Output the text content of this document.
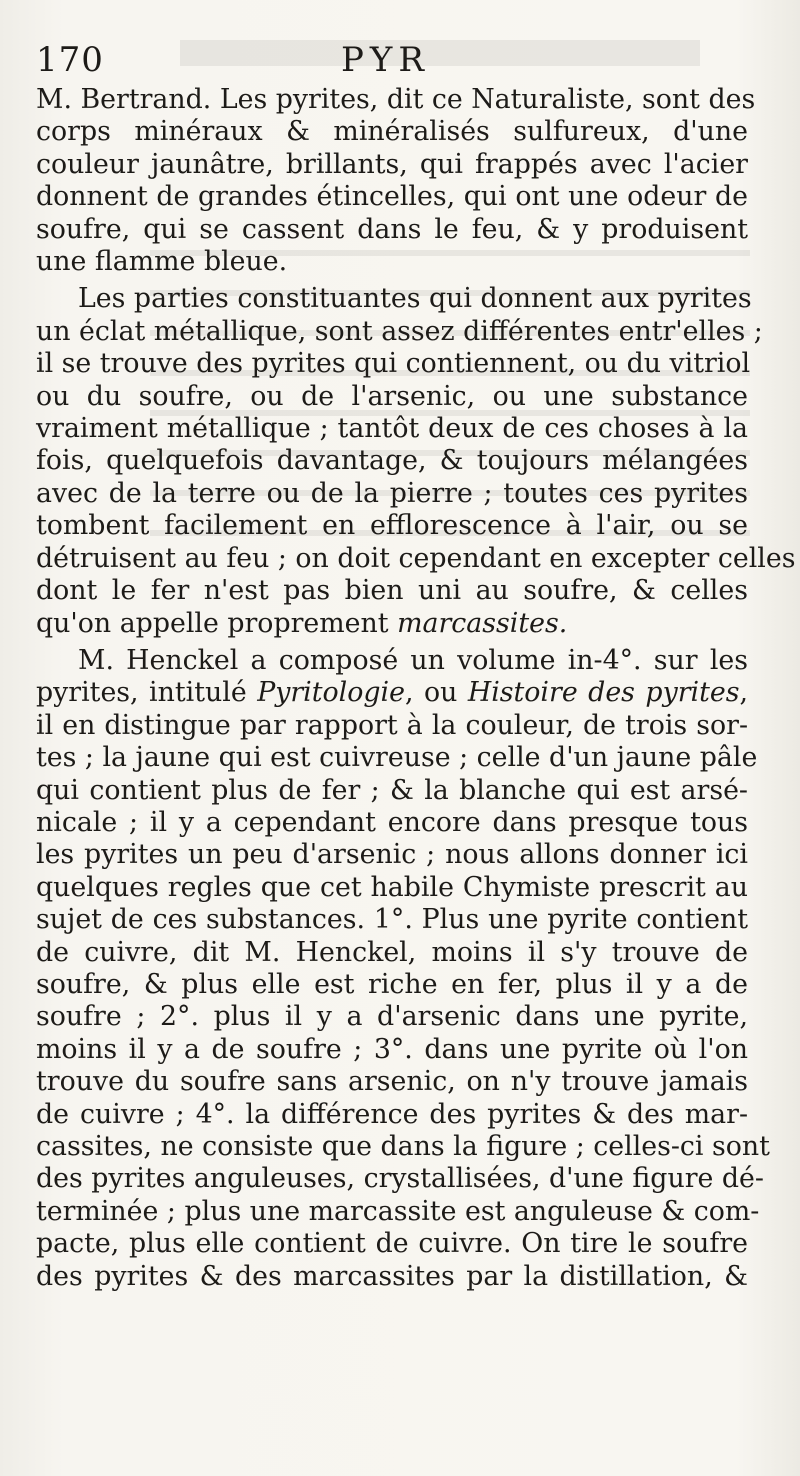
170	PYR
M. Bertrand. Les pyrites, dit ce Naturaliste, sont des
corps minéraux & minéralisés sulfureux, d'une
couleur jaunâtre, brillants, qui frappés avec l'acier
donnent de grandes étincelles, qui ont une odeur de
soufre, qui se cassent dans le feu, & y produisent
une flamme bleue.
Les parties constituantes qui donnent aux pyrites
un éclat métallique, sont assez différentes entr'elles ;
il se trouve des pyrites qui contiennent, ou du vitriol
ou du soufre, ou de l'arsenic, ou une substance
vraiment métallique ; tantôt deux de ces choses à la
fois, quelquefois davantage, & toujours mélangées
avec de la terre ou de la pierre ; toutes ces pyrites
tombent facilement en efflorescence à l'air, ou se
détruisent au feu ; on doit cependant en excepter celles
dont le fer n'est pas bien uni au soufre, & celles
qu'on appelle proprement marcassites.
M. Henckel a composé un volume in-4°. sur les
pyrites, intitulé Pyritologie, ou Histoire des pyrites,
il en distingue par rapport à la couleur, de trois sor-
tes ; la jaune qui est cuivreuse ; celle d'un jaune pâle
qui contient plus de fer ; & la blanche qui est arsé-
nicale ; il y a cependant encore dans presque tous
les pyrites un peu d'arsenic ; nous allons donner ici
quelques regles que cet habile Chymiste prescrit au
sujet de ces substances. 1°. Plus une pyrite contient
de cuivre, dit M. Henckel, moins il s'y trouve de
soufre, & plus elle est riche en fer, plus il y a de
soufre ; 2°. plus il y a d'arsenic dans une pyrite,
moins il y a de soufre ; 3°. dans une pyrite où l'on
trouve du soufre sans arsenic, on n'y trouve jamais
de cuivre ; 4°. la différence des pyrites & des mar-
cassites, ne consiste que dans la figure ; celles-ci sont
des pyrites anguleuses, crystallisées, d'une figure dé-
terminée ; plus une marcassite est anguleuse & com-
pacte, plus elle contient de cuivre. On tire le soufre
des pyrites & des marcassites par la distillation, &
